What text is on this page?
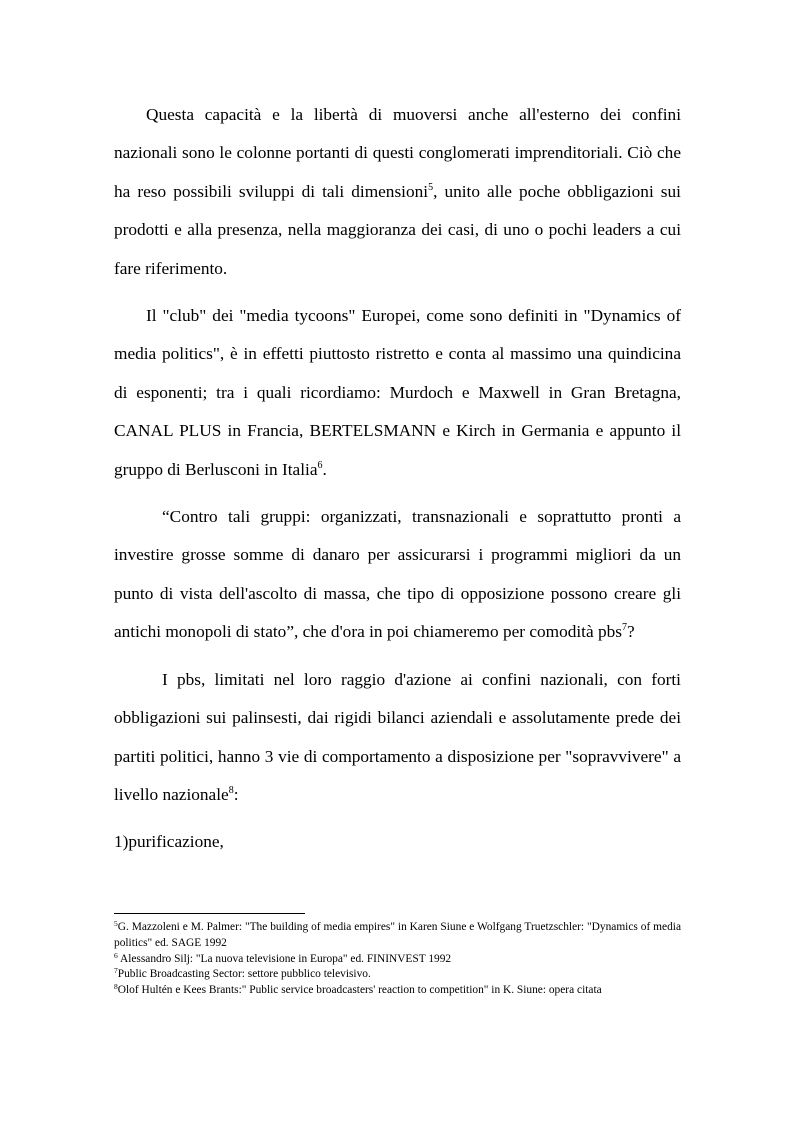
Questa capacità e la libertà di muoversi anche all'esterno dei confini nazionali sono le colonne portanti di questi conglomerati imprenditoriali. Ciò che ha reso possibili sviluppi di tali dimensioni$^5$, unito alle poche obbligazioni sui prodotti e alla presenza, nella maggioranza dei casi, di uno o pochi leaders a cui fare riferimento.

Il "club" dei "media tycoons" Europei, come sono definiti in "Dynamics of media politics", è in effetti piuttosto ristretto e conta al massimo una quindicina di esponenti; tra i quali ricordiamo: Murdoch e Maxwell in Gran Bretagna, CANAL PLUS in Francia, BERTELSMANN e Kirch in Germania e appunto il gruppo di Berlusconi in Italia$^6$.

“Contro tali gruppi: organizzati, transnazionali e soprattutto pronti a investire grosse somme di danaro per assicurarsi i programmi migliori da un punto di vista dell'ascolto di massa, che tipo di opposizione possono creare gli antichi monopoli di stato”, che d'ora in poi chiameremo per comodità pbs$^7$?

I pbs, limitati nel loro raggio d'azione ai confini nazionali, con forti obbligazioni sui palinsesti, dai rigidi bilanci aziendali e assolutamente prede dei partiti politici, hanno 3 vie di comportamento a disposizione per "sopravvivere" a livello nazionale$^8$:

1)purificazione,

$^5$G. Mazzoleni e M. Palmer: "The building of media empires" in Karen Siune e Wolfgang Truetzschler: "Dynamics of media politics" ed. SAGE 1992

$^6$ Alessandro Silj: "La nuova televisione in Europa" ed. FININVEST 1992

$^7$Public Broadcasting Sector: settore pubblico televisivo.

$^8$Olof Hultén e Kees Brants:" Public service broadcasters' reaction to competition" in K. Siune: opera citata
